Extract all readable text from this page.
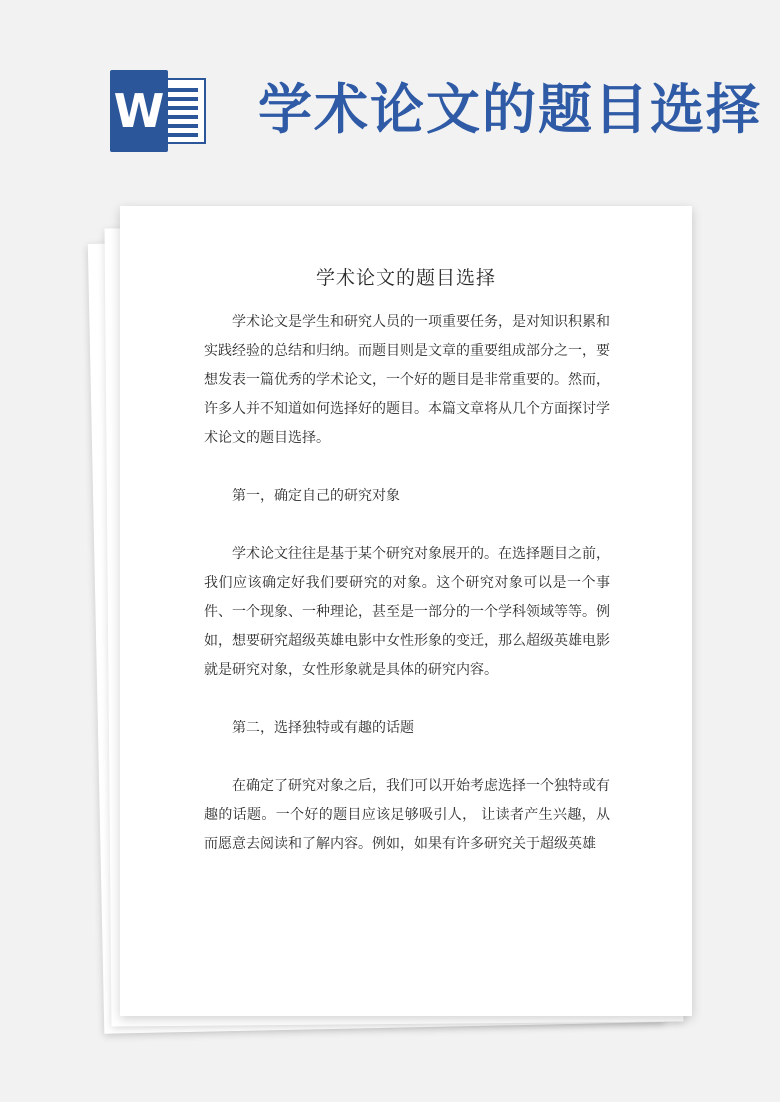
W 学术论文的题目选择
学术论文的题目选择

学术论文是学生和研究人员的一项重要任务，是对知识积累和实践经验的总结和归纳。而题目则是文章的重要组成部分之一，要想发表一篇优秀的学术论文，一个好的题目是非常重要的。然而，许多人并不知道如何选择好的题目。本篇文章将从几个方面探讨学术论文的题目选择。

第一，确定自己的研究对象

学术论文往往是基于某个研究对象展开的。在选择题目之前，我们应该确定好我们要研究的对象。这个研究对象可以是一个事件、一个现象、一种理论，甚至是一部分的一个学科领域等等。例如，想要研究超级英雄电影中女性形象的变迁，那么超级英雄电影就是研究对象，女性形象就是具体的研究内容。

第二，选择独特或有趣的话题

在确定了研究对象之后，我们可以开始考虑选择一个独特或有趣的话题。一个好的题目应该足够吸引人， 让读者产生兴趣，从而愿意去阅读和了解内容。例如，如果有许多研究关于超级英雄
